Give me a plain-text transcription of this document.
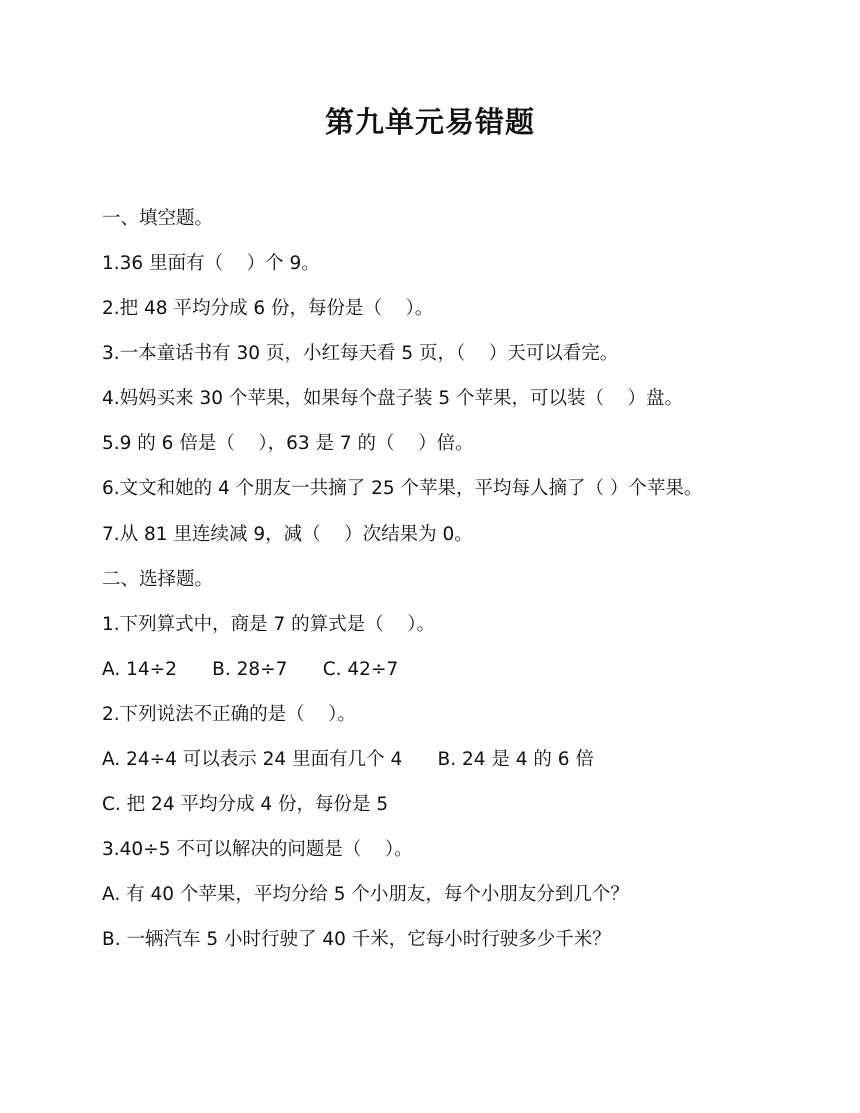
第九单元易错题

一、填空题。

1.36 里面有（    ）个 9。

2.把 48 平均分成 6 份，每份是（    ）。

3.一本童话书有 30 页，小红每天看 5 页，（    ）天可以看完。

4.妈妈买来 30 个苹果，如果每个盘子装 5 个苹果，可以装（    ）盘。

5.9 的 6 倍是（    ），63 是 7 的（    ）倍。

6.文文和她的 4 个朋友一共摘了 25 个苹果，平均每人摘了（ ）个苹果。

7.从 81 里连续减 9，减（    ）次结果为 0。

二、选择题。

1.下列算式中，商是 7 的算式是（    ）。

A. 14÷2      B. 28÷7      C. 42÷7

2.下列说法不正确的是（    ）。

A. 24÷4 可以表示 24 里面有几个 4      B. 24 是 4 的 6 倍

C. 把 24 平均分成 4 份，每份是 5

3.40÷5 不可以解决的问题是（    ）。

A. 有 40 个苹果，平均分给 5 个小朋友，每个小朋友分到几个？

B. 一辆汽车 5 小时行驶了 40 千米，它每小时行驶多少千米？
